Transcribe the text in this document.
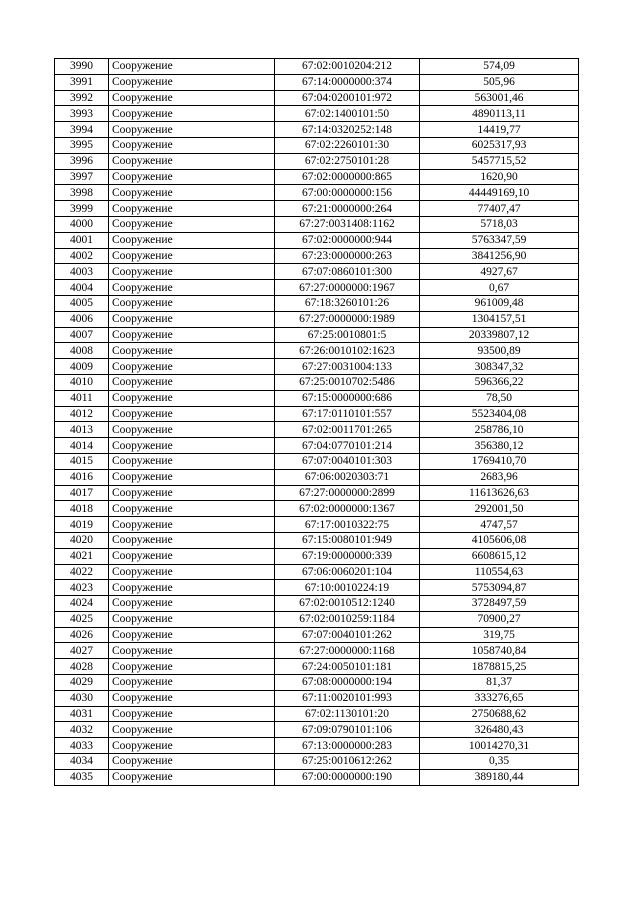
3990	Сооружение	67:02:0010204:212	574,09
3991	Сооружение	67:14:0000000:374	505,96
3992	Сооружение	67:04:0200101:972	563001,46
3993	Сооружение	67:02:1400101:50	4890113,11
3994	Сооружение	67:14:0320252:148	14419,77
3995	Сооружение	67:02:2260101:30	6025317,93
3996	Сооружение	67:02:2750101:28	5457715,52
3997	Сооружение	67:02:0000000:865	1620,90
3998	Сооружение	67:00:0000000:156	44449169,10
3999	Сооружение	67:21:0000000:264	77407,47
4000	Сооружение	67:27:0031408:1162	5718,03
4001	Сооружение	67:02:0000000:944	5763347,59
4002	Сооружение	67:23:0000000:263	3841256,90
4003	Сооружение	67:07:0860101:300	4927,67
4004	Сооружение	67:27:0000000:1967	0,67
4005	Сооружение	67:18:3260101:26	961009,48
4006	Сооружение	67:27:0000000:1989	1304157,51
4007	Сооружение	67:25:0010801:5	20339807,12
4008	Сооружение	67:26:0010102:1623	93500,89
4009	Сооружение	67:27:0031004:133	308347,32
4010	Сооружение	67:25:0010702:5486	596366,22
4011	Сооружение	67:15:0000000:686	78,50
4012	Сооружение	67:17:0110101:557	5523404,08
4013	Сооружение	67:02:0011701:265	258786,10
4014	Сооружение	67:04:0770101:214	356380,12
4015	Сооружение	67:07:0040101:303	1769410,70
4016	Сооружение	67:06:0020303:71	2683,96
4017	Сооружение	67:27:0000000:2899	11613626,63
4018	Сооружение	67:02:0000000:1367	292001,50
4019	Сооружение	67:17:0010322:75	4747,57
4020	Сооружение	67:15:0080101:949	4105606,08
4021	Сооружение	67:19:0000000:339	6608615,12
4022	Сооружение	67:06:0060201:104	110554,63
4023	Сооружение	67:10:0010224:19	5753094,87
4024	Сооружение	67:02:0010512:1240	3728497,59
4025	Сооружение	67:02:0010259:1184	70900,27
4026	Сооружение	67:07:0040101:262	319,75
4027	Сооружение	67:27:0000000:1168	1058740,84
4028	Сооружение	67:24:0050101:181	1878815,25
4029	Сооружение	67:08:0000000:194	81,37
4030	Сооружение	67:11:0020101:993	333276,65
4031	Сооружение	67:02:1130101:20	2750688,62
4032	Сооружение	67:09:0790101:106	326480,43
4033	Сооружение	67:13:0000000:283	10014270,31
4034	Сооружение	67:25:0010612:262	0,35
4035	Сооружение	67:00:0000000:190	389180,44
